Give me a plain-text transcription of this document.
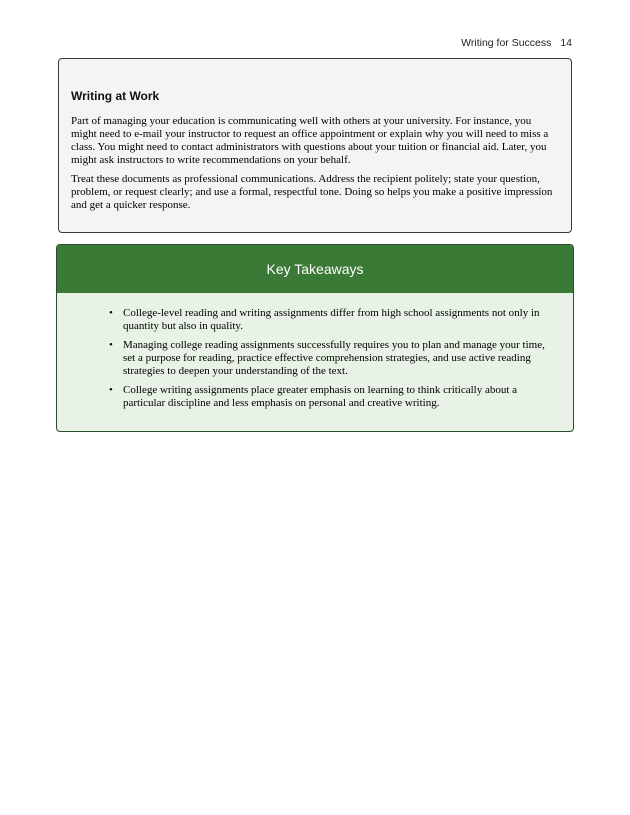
Writing for Success 14
Writing at Work

Part of managing your education is communicating well with others at your university. For instance, you might need to e-mail your instructor to request an office appointment or explain why you will need to miss a class. You might need to contact administrators with questions about your tuition or financial aid. Later, you might ask instructors to write recommendations on your behalf.

Treat these documents as professional communications. Address the recipient politely; state your question, problem, or request clearly; and use a formal, respectful tone. Doing so helps you make a positive impression and get a quicker response.

Key Takeaways
• College-level reading and writing assignments differ from high school assignments not only in quantity but also in quality.
• Managing college reading assignments successfully requires you to plan and manage your time, set a purpose for reading, practice effective comprehension strategies, and use active reading strategies to deepen your understanding of the text.
• College writing assignments place greater emphasis on learning to think critically about a particular discipline and less emphasis on personal and creative writing.
